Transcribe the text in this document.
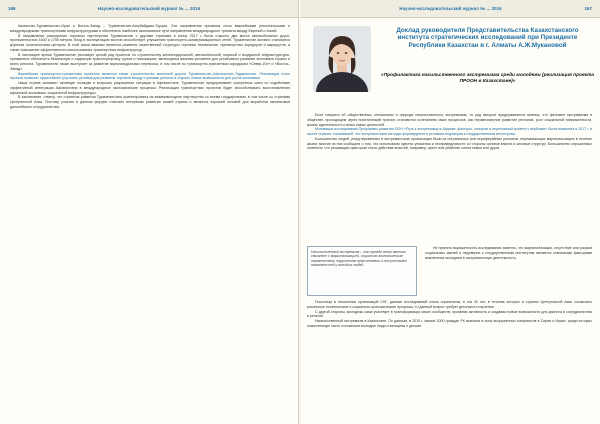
166	Научно-исследовательский журнал № ... 2016

Казахстан–Туркменистан–Иран и Восток-Запад – Туркменистан-Азербайджан-Турция. Эти направления призваны стать важнейшими региональными и международными транспортными инфраструктурами и обеспечить наиболее экономичные пути направления международного транзита между Европой и Азией.

В направлении расширения торгового партнерства Туркменистан с другими странами в конце 2017 г. были открыты два моста автомобильных дорог, протяженностью 1600 и 1750 метров. Вход в эксплуатацию мостов способствует улучшению транспортно-коммуникационных сетей. Туркменистан активно становится крупным логистическим центром. В этой связи важным является развитие качественной структуры торговых терминалов, транспортных коридоров и маршрутов, а также повышение эффективности использования транспортных инфраструктур.

В настоящее время Туркменистан реализует целый ряд проектов по строительству железнодорожной, автомобильной, морской и воздушной инфраструктуры, призванных обеспечить безопасную и надежную транспортировку грузов и пассажиров, являющихся важным условием для устойчивого развития экономики страны и всего региона. Туркменистан также выступает за развитие мультимодальных перевозок, в том числе по транспортно-транзитным коридорам «Север–Юг» и «Восток–Запад».

Важнейшим транспортно-транзитным проектом является также строительство железной дороги Туркменистан–Афганистан–Таджикистан. Реализация этого проекта позволит существенно улучшить условия для развития торговли между странами региона и открыть новые возможности для роста экономики.

Наша страна занимает активную позицию в вопросах разрешения ситуации в Афганистане. Туркменистан предпринимает конкретные шаги по содействию эффективной интеграции Афганистана в международные экономические процессы. Реализация транспортных проектов будет способствовать восстановлению афганской экономики, социальной инфраструктуры.

В заключение, отмечу, что стратегия развития Туркменистана ориентирована на взаимовыгодное партнерство со всеми государствами, в том числе со странами Центральной Азии. Поэтому участие в данном форуме отвечает интересам развития нашей страны и является хорошей основой для выработки механизмов дальнейшего сотрудничества.

Научно-исследовательский журнал № ... 2016	167
Доклад руководителя Представительства Казахстанского института стратегических исследований при Президенте Республики Казахстан в г. Алматы А.Ж.Мукановой
«Профилактика насильственного экстремизма среди молодежи (реализация проекта ПРООН в Казахстане)»

Если говорить об общественных отношениях и природе насильственного экстремизма, то ряд авторов придерживается мнения, что феномен экстремизма в обществе, проходящем через политический транзит, становится сочетанием таких процессов, как неравномерное развитие регионов, рост социальной напряженности, кризис идентичности и поиск новых ценностей.

Мотивация исследования Программы развития ООН «Путь к экстремизму в Африке: факторы, стимулы и переломный момент к вербовке» была выявлена в 2017 г. в шести странах, показавшей, что экстремистские взгляды формируются в условиях недоверия к государственным институтам.

Большинство людей, рекрутированных в экстремистские организации были из пограничных или периферийных регионов, переживающих маргинализацию в течение жизни; многие из них сообщали о том, что испытывали чувство унижения и несправедливости со стороны органов власти и силовых структур. Большинство опрошенных отметили, что решающим фактором стало действие властей, например, арест или убийство члена семьи или друга.

Насильственный экстремизм – это прежде всего явление, связанное с маргинализацией, социально-экономическим неравенством, нарушением прав человека и отсутствием возможностей у молодых людей.

Не принято выраженность исследования заметно, что маргинализация, отсутствие или разрыв социальных связей и недоверие к государственным институтам являются ключевыми факторами вовлечения молодежи в экстремистскую деятельность.

Поскольку в отношении организаций СНГ, данные исследований очень ограничены, в эти 30 лет, в течение которых в странах Центральной Азии сложились различные политические и социально-экономические процессы, то данный вопрос требует детального изучения.

С другой стороны, молодежь сама участвует в трансформации своих сообществ, проявляя активность и создавая новые возможности для диалога и сотрудничества в регионе.

Насильственный экстремизм в Казахстане. По данным, в 2010 г. свыше 1000 граждан РК выехали в зоны вооруженных конфликтов в Сирии и Ираке, среди которых значительную часть составляли молодые люди и женщины с детьми.
